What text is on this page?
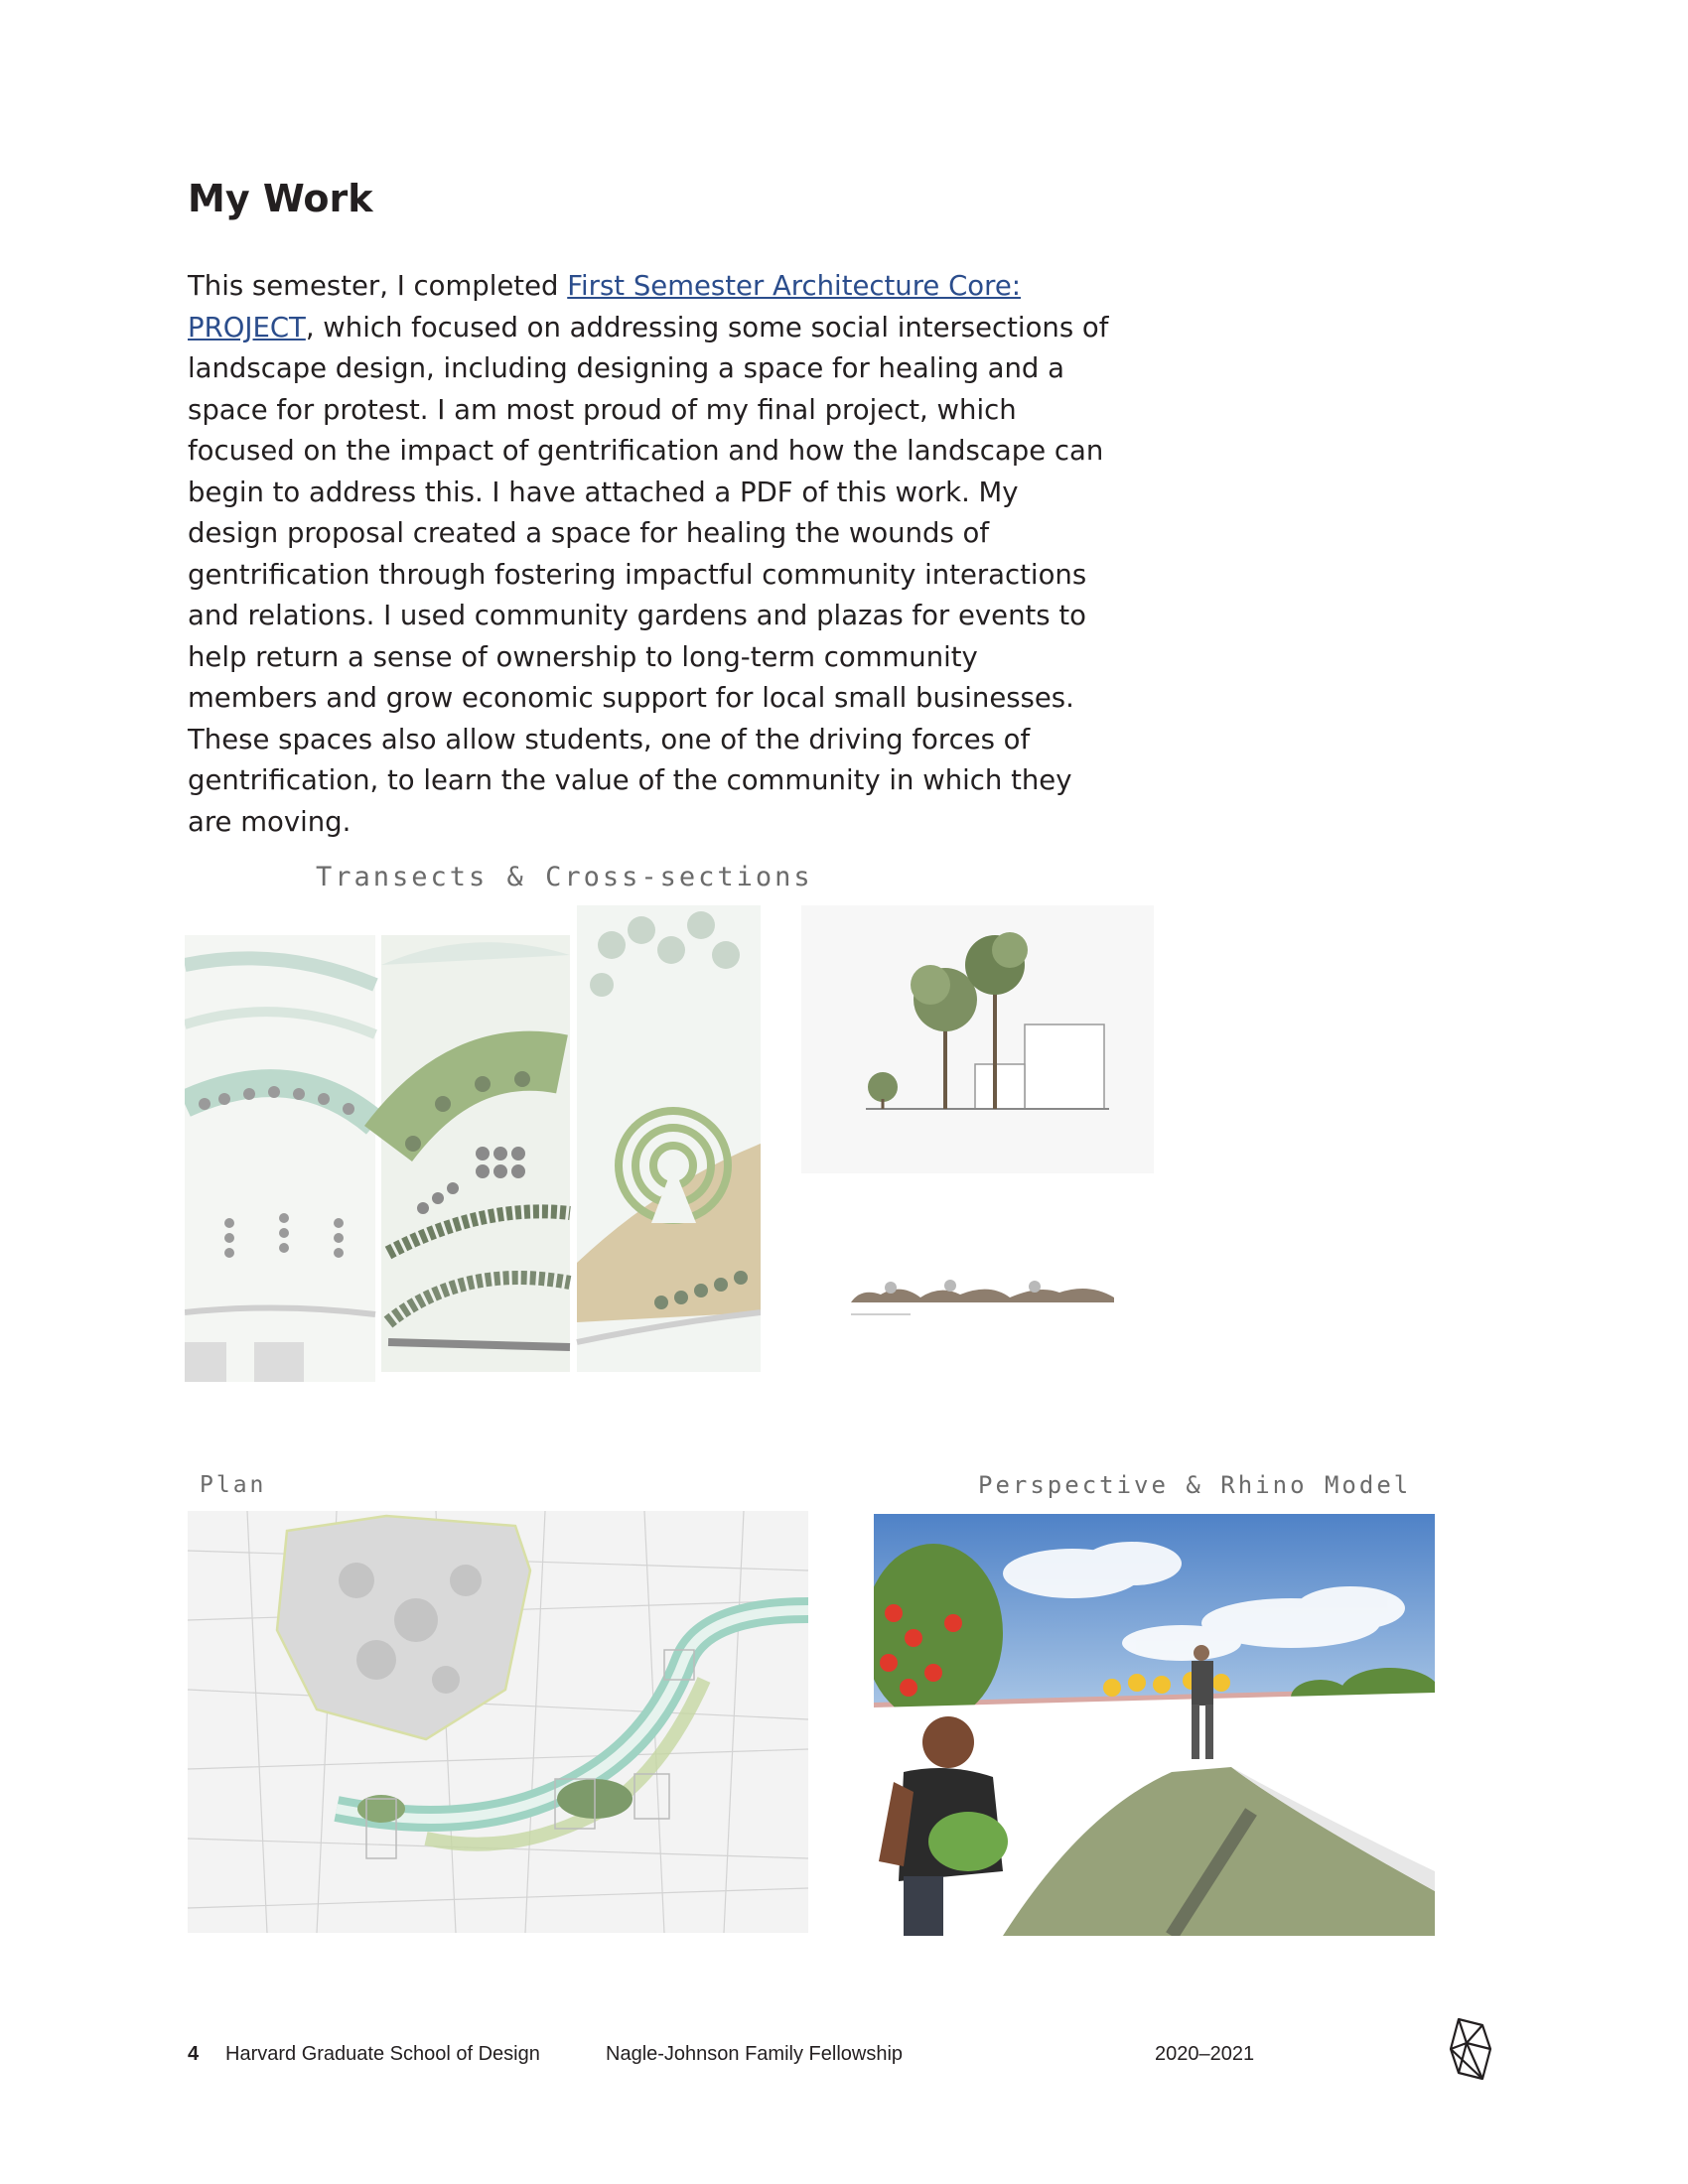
My Work

This semester, I completed First Semester Architecture Core: PROJECT, which focused on addressing some social intersections of landscape design, including designing a space for healing and a space for protest. I am most proud of my final project, which focused on the impact of gentrification and how the landscape can begin to address this. I have attached a PDF of this work. My design proposal created a space for healing the wounds of gentrification through fostering impactful community interactions and relations. I used community gardens and plazas for events to help return a sense of ownership to long-term community members and grow economic support for local small businesses. These spaces also allow students, one of the driving forces of gentrification, to learn the value of the community in which they are moving.

Transects & Cross-sections
Plan	Perspective & Rhino Model
4 Harvard Graduate School of Design	Nagle-Johnson Family Fellowship	2020–2021
